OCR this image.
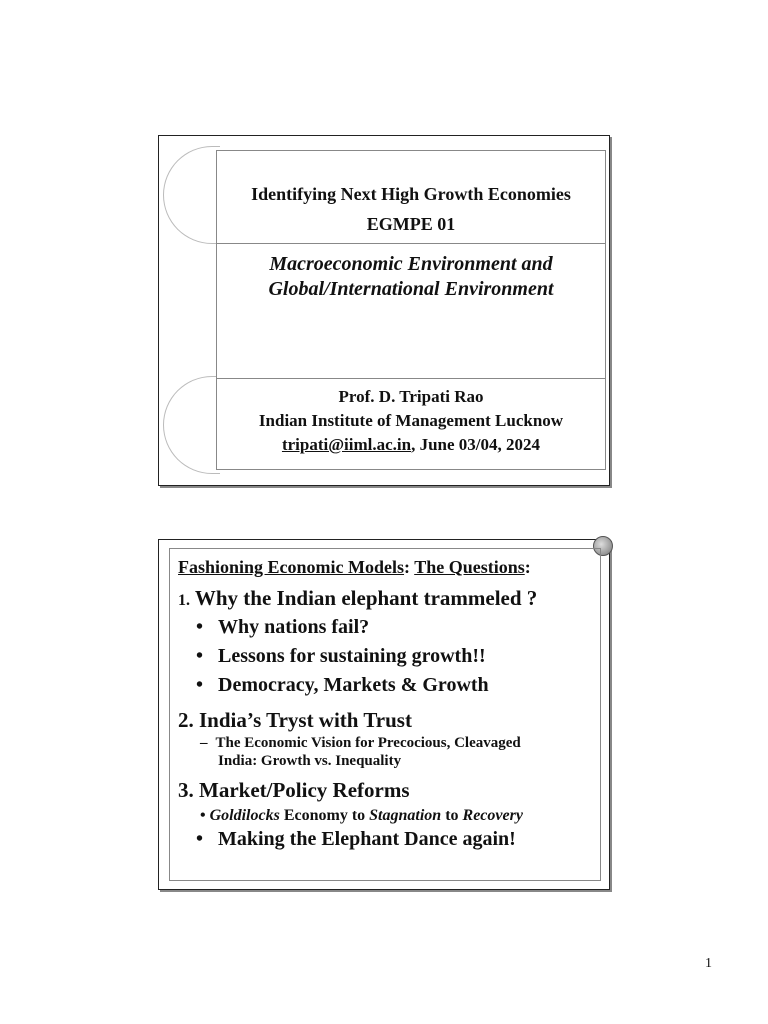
Identifying Next High Growth Economies
EGMPE 01
Macroeconomic Environment and
Global/International Environment
Prof. D. Tripati Rao
Indian Institute of Management Lucknow
tripati@iiml.ac.in, June 03/04, 2024
Fashioning Economic Models: The Questions:
1. Why the Indian elephant trammeled ?
• Why nations fail?
• Lessons for sustaining growth!!
• Democracy, Markets & Growth
2. India’s Tryst with Trust
– The Economic Vision for Precocious, Cleavaged
India: Growth vs. Inequality
3. Market/Policy Reforms
• Goldilocks Economy to Stagnation to Recovery
• Making the Elephant Dance again!
1
